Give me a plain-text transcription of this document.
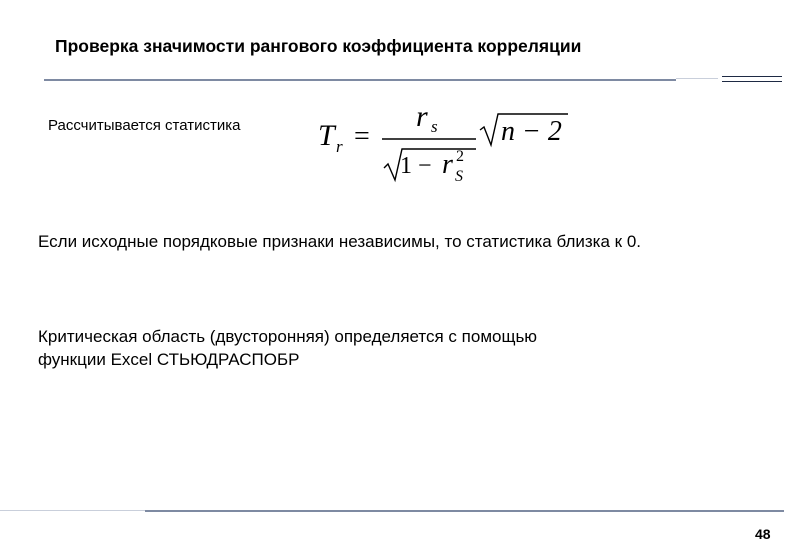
Проверка значимости рангового коэффициента корреляции
Рассчитывается статистика	T r =
r s
1 − r 2
S
n − 2
Если исходные порядковые признаки независимы, то статистика близка к 0.
Критическая область (двусторонняя) определяется с помощью
функции Excel СТЬЮДРАСПОБР
48
